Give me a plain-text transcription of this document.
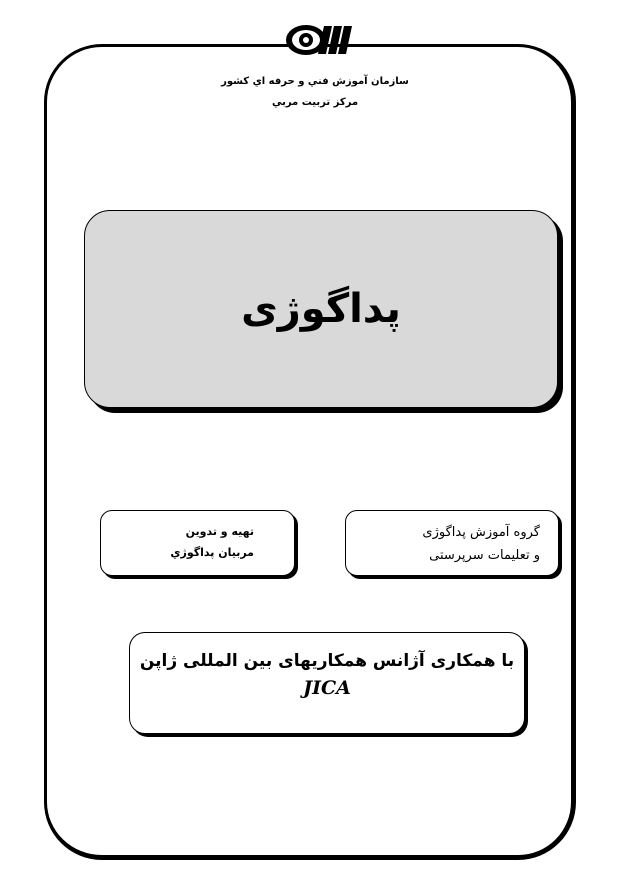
سازمان آموزش فني و حرفه اي كشور
مركز تربيت مربي
پداگوژی
تهيه و تدوين
مربيان پداگوژي
گروه آموزش پداگوژی
و تعلیمات سرپرستی
با همکاری آژانس همکاریهای بین المللی ژاپن
JICA
